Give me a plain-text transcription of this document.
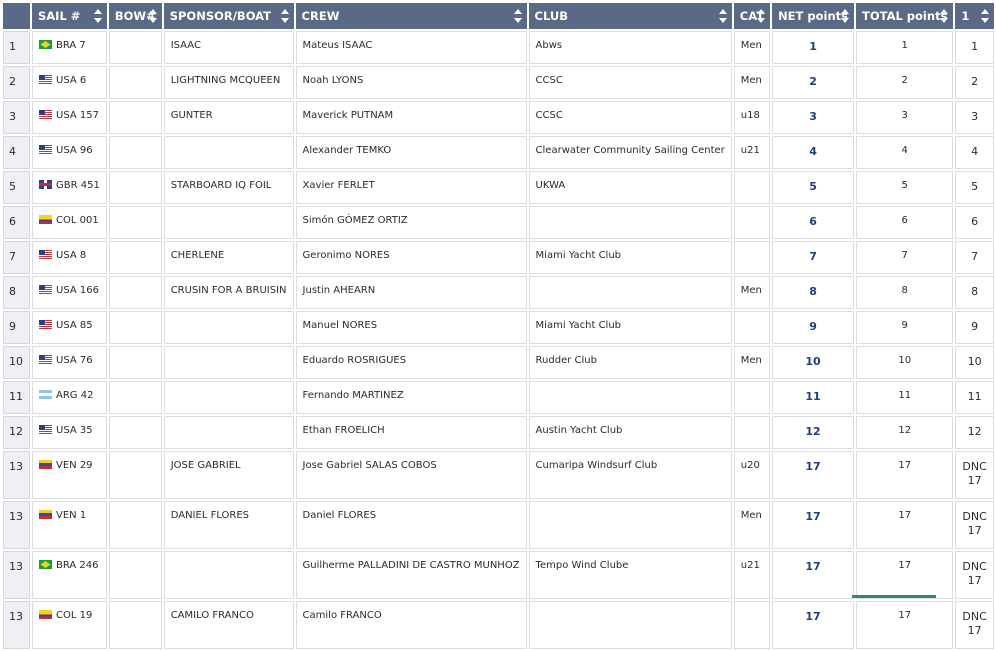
	SAIL #	BOW#	SPONSOR/BOAT	CREW	CLUB	CAT	NET points	TOTAL points	1

1	BRA 7		ISAAC	Mateus ISAAC	Abws	Men	1	1	1

2	USA 6		LIGHTNING MCQUEEN	Noah LYONS	CCSC	Men	2	2	2

3	USA 157		GUNTER	Maverick PUTNAM	CCSC	u18	3	3	3

4	USA 96			Alexander TEMKO	Clearwater Community Sailing Center	u21	4	4	4

5	GBR 451		STARBOARD IQ FOIL	Xavier FERLET	UKWA		5	5	5

6	COL 001			Simón GÓMEZ ORTIZ			6	6	6

7	USA 8		CHERLENE	Geronimo NORES	Miami Yacht Club		7	7	7

8	USA 166		CRUSIN FOR A BRUISIN	Justin AHEARN		Men	8	8	8

9	USA 85			Manuel NORES	Miami Yacht Club		9	9	9

10	USA 76			Eduardo ROSRIGUES	Rudder Club	Men	10	10	10

11	ARG 42			Fernando MARTINEZ			11	11	11

12	USA 35			Ethan FROELICH	Austin Yacht Club		12	12	12

13	VEN 29		JOSE GABRIEL	Jose Gabriel SALAS COBOS	Cumaripa Windsurf Club	u20	17	17	DNC
17

13	VEN 1		DANIEL FLORES	Daniel FLORES		Men	17	17	DNC
17

13	BRA 246			Guilherme PALLADINI DE CASTRO MUNHOZ	Tempo Wind Clube	u21	17	17	DNC
17

13	COL 19		CAMILO FRANCO	Camilo FRANCO			17	17	DNC
17
